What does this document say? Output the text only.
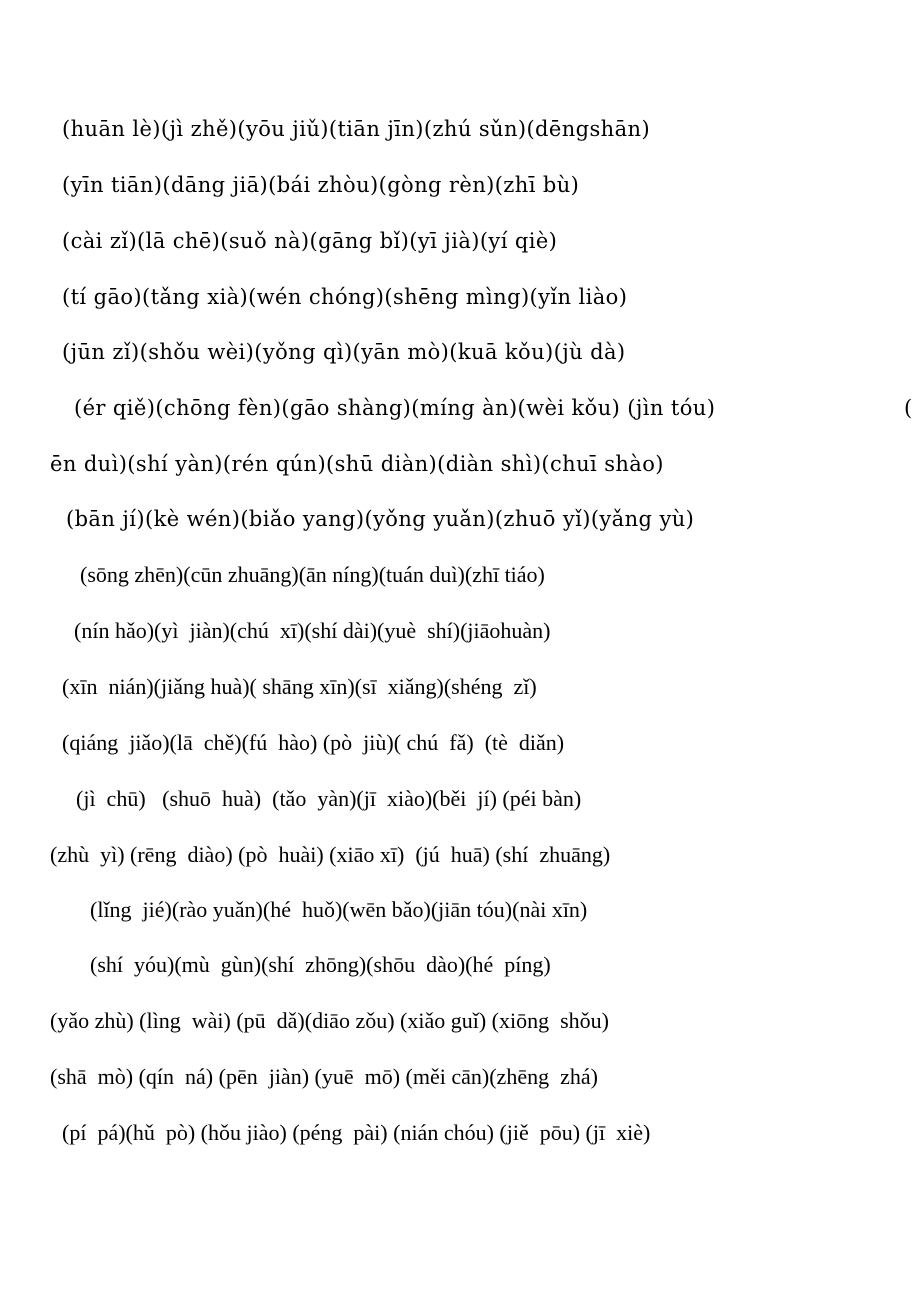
(huān lè)(jì zhě)(yōu jiǔ)(tiān jīn)(zhú sǔn)(dēngshān)
(yīn tiān)(dāng jiā)(bái zhòu)(gòng rèn)(zhī bù)
(cài zǐ)(lā chē)(suǒ nà)(gāng bǐ)(yī jià)(yí qiè)
(tí gāo)(tǎng xià)(wén chóng)(shēng mìng)(yǐn liào)
(jūn zǐ)(shǒu wèi)(yǒng qì)(yān mò)(kuā kǒu)(jù dà)
(ér qiě)(chōng fèn)(gāo shàng)(míng àn)(wèi kǒu) (jìn tóu)	(
ēn duì)(shí yàn)(rén qún)(shū diàn)(diàn shì)(chuī shào)
(bān jí)(kè wén)(biǎo yang)(yǒng yuǎn)(zhuō yǐ)(yǎng yù)
(sōng zhēn)(cūn zhuāng)(ān níng)(tuán duì)(zhī tiáo)
(nín hǎo)(yì  jiàn)(chú  xī)(shí dài)(yuè  shí)(jiāohuàn)
(xīn  nián)(jiǎng huà)( shāng xīn)(sī  xiǎng)(shéng  zǐ)
(qiáng  jiǎo)(lā  chě)(fú  hào) (pò  jiù)( chú  fǎ)  (tè  diǎn)
(jì  chū)   (shuō  huà)  (tǎo  yàn)(jī  xiào)(běi  jí) (péi bàn)
(zhù  yì) (rēng  diào) (pò  huài) (xiāo xī)  (jú  huā) (shí  zhuāng)
(lǐng  jié)(rào yuǎn)(hé  huǒ)(wēn bǎo)(jiān tóu)(nài xīn)
(shí  yóu)(mù  gùn)(shí  zhōng)(shōu  dào)(hé  píng)
(yǎo zhù) (lìng  wài) (pū  dǎ)(diāo zǒu) (xiǎo guǐ) (xiōng  shǒu)
(shā  mò) (qín  ná) (pēn  jiàn) (yuē  mō) (měi cān)(zhēng  zhá)
(pí  pá)(hǔ  pò) (hǒu jiào) (péng  pài) (nián chóu) (jiě  pōu) (jī  xiè)
